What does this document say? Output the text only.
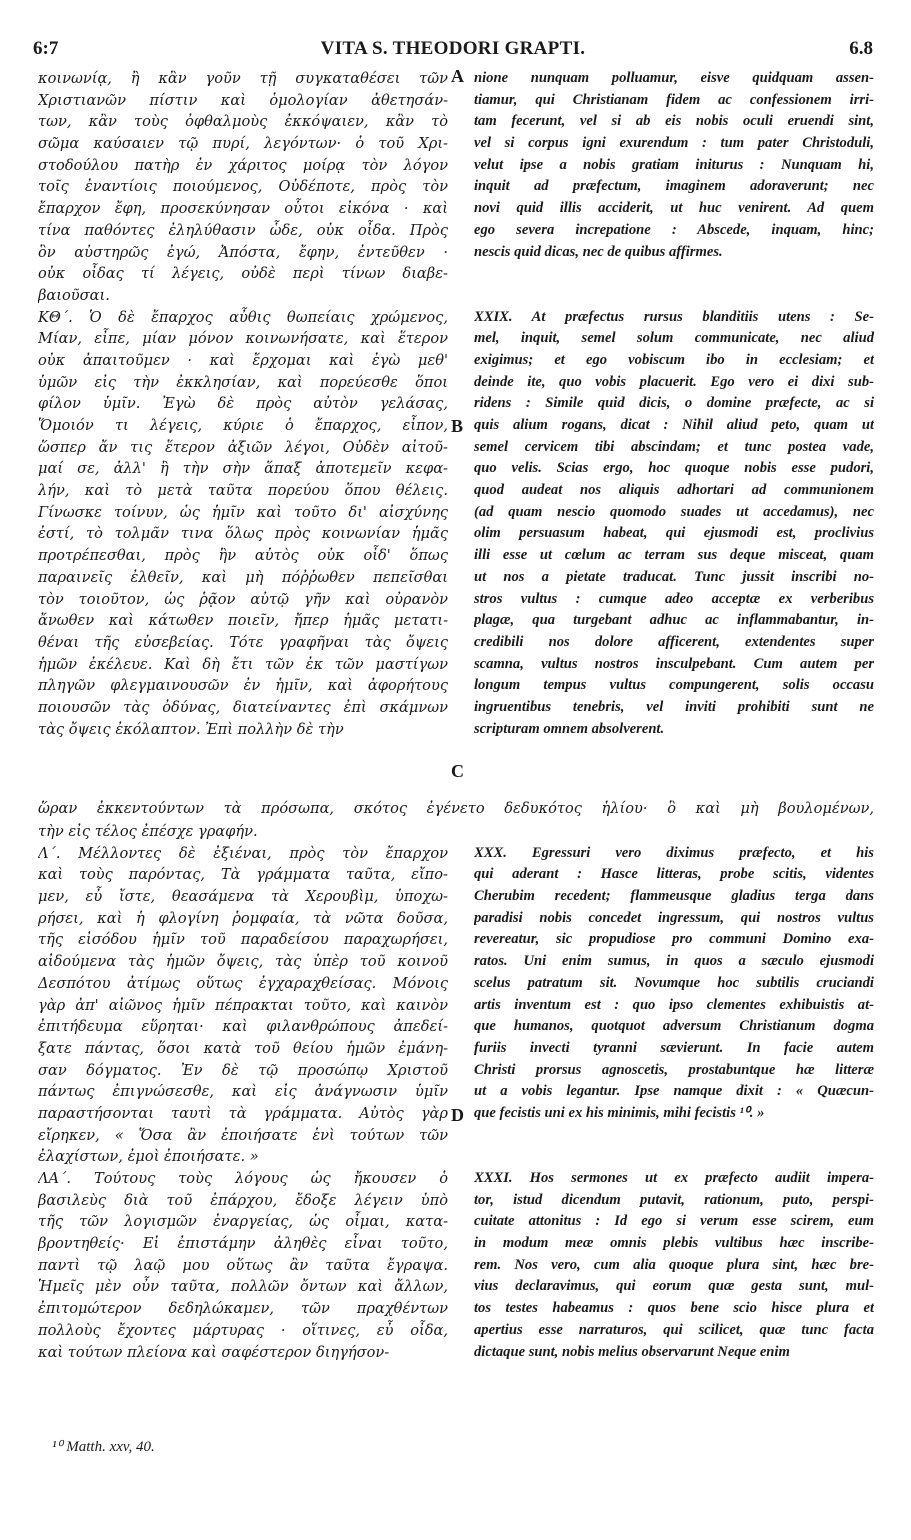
6:7	VITA S. THEODORI GRAPTI.	6.8
κοινωνίᾳ, ἢ κἂν γοῦν τῇ συγκαταθέσει τῶν
Χριστιανῶν πίστιν καὶ ὁμολογίαν ἀθετησάν-
των, κἂν τοὺς ὀφθαλμοὺς ἐκκόψαιεν, κἂν τὸ
σῶμα καύσαιεν τῷ πυρί, λεγόντων· ὁ τοῦ Χρι-
στοδούλου πατὴρ ἐν χάριτος μοίρᾳ τὸν λόγον
τοῖς ἐναντίοις ποιούμενος, Οὐδέποτε, πρὸς τὸν
ἔπαρχον ἔφη, προσεκύνησαν οὗτοι εἰκόνα · καὶ
τίνα παθόντες ἐληλύθασιν ὧδε, οὐκ οἶδα. Πρὸς
ὃν αὐστηρῶς ἐγώ, Ἀπόστα, ἔφην, ἐντεῦθεν ·
οὐκ οἶδας τί λέγεις, οὐδὲ περὶ τίνων διαβε-
βαιοῦσαι.
ΚΘ΄. Ὁ δὲ ἔπαρχος αὖθις θωπείαις χρώμενος,
Μίαν, εἶπε, μίαν μόνον κοινωνήσατε, καὶ ἕτερον
οὐκ ἀπαιτοῦμεν · καὶ ἔρχομαι καὶ ἐγὼ μεθ'
ὑμῶν εἰς τὴν ἐκκλησίαν, καὶ πορεύεσθε ὅποι
φίλον ὑμῖν. Ἐγὼ δὲ πρὸς αὐτὸν γελάσας,
Ὅμοιόν τι λέγεις, κύριε ὁ ἔπαρχος, εἶπον,
ὥσπερ ἄν τις ἕτερον ἀξιῶν λέγοι, Οὐδὲν αἰτοῦ-
μαί σε, ἀλλ' ἢ τὴν σὴν ἅπαξ ἀποτεμεῖν κεφα-
λήν, καὶ τὸ μετὰ ταῦτα πορεύου ὅπου θέλεις.
Γίνωσκε τοίνυν, ὡς ἡμῖν καὶ τοῦτο δι' αἰσχύνης
ἐστί, τὸ τολμᾶν τινα ὅλως πρὸς κοινωνίαν ἡμᾶς
προτρέπεσθαι, πρὸς ἣν αὐτὸς οὐκ οἶδ' ὅπως
παραινεῖς ἐλθεῖν, καὶ μὴ πόῤῥωθεν πεπεῖσθαι
τὸν τοιοῦτον, ὡς ῥᾷον αὐτῷ γῆν καὶ οὐρανὸν
ἄνωθεν καὶ κάτωθεν ποιεῖν, ἤπερ ἡμᾶς μετατι-
θέναι τῆς εὐσεβείας. Τότε γραφῆναι τὰς ὄψεις
ἡμῶν ἐκέλευε. Καὶ δὴ ἔτι τῶν ἐκ τῶν μαστίγων
πληγῶν φλεγμαινουσῶν ἐν ἡμῖν, καὶ ἀφορήτους
ποιουσῶν τὰς ὀδύνας, διατείναντες ἐπὶ σκάμνων
τὰς ὄψεις ἐκόλαπτον. Ἐπὶ πολλὴν δὲ τὴν
nione nunquam polluamur, eisve quidquam assen-
tiamur, qui Christianam fidem ac confessionem irri-
tam fecerunt, vel si ab eis nobis oculi eruendi sint,
vel si corpus igni exurendum : tum pater Christoduli,
velut ipse a nobis gratiam initurus : Nunquam hi,
inquit ad præfectum, imaginem adoraverunt; nec
novi quid illis acciderit, ut huc venirent. Ad quem
ego severa increpatione : Abscede, inquam, hinc;
nescis quid dicas, nec de quibus affirmes.
XXIX. At præfectus rursus blanditiis utens : Se-
mel, inquit, semel solum communicate, nec aliud
exigimus; et ego vobiscum ibo in ecclesiam; et
deinde ite, quo vobis placuerit. Ego vero ei dixi sub-
ridens : Simile quid dicis, o domine præfecte, ac si
quis alium rogans, dicat : Nihil aliud peto, quam ut
semel cervicem tibi abscindam; et tunc postea vade,
quo velis. Scias ergo, hoc quoque nobis esse pudori,
quod audeat nos aliquis adhortari ad communionem
(ad quam nescio quomodo suades ut accedamus), nec
olim persuasum habeat, qui ejusmodi est, proclivius
illi esse ut cœlum ac terram sus deque misceat, quam
ut nos a pietate traducat. Tunc jussit inscribi no-
stros vultus : cumque adeo acceptæ ex verberibus
plagæ, qua turgebant adhuc ac inflammabantur, in-
credibili nos dolore afficerent, extendentes super
scamna, vultus nostros insculpebant. Cum autem per
longum tempus vultus compungerent, solis occasu
ingruentibus tenebris, vel inviti prohibiti sunt ne
scripturam omnem absolverent.
ὥραν ἐκκεντούντων τὰ πρόσωπα, σκότος ἐγένετο δεδυκότος ἡλίου· ὃ καὶ μὴ βουλομένων,
τὴν εἰς τέλος ἐπέσχε γραφήν.
Λ΄. Μέλλοντες δὲ ἐξιέναι, πρὸς τὸν ἔπαρχον
καὶ τοὺς παρόντας, Τὰ γράμματα ταῦτα, εἴπο-
μεν, εὖ ἴστε, θεασάμενα τὰ Χερουβὶμ, ὑποχω-
ρήσει, καὶ ἡ φλογίνη ῥομφαία, τὰ νῶτα δοῦσα,
τῆς εἰσόδου ἡμῖν τοῦ παραδείσου παραχωρήσει,
αἰδούμενα τὰς ἡμῶν ὄψεις, τὰς ὑπὲρ τοῦ κοινοῦ
Δεσπότου ἀτίμως οὕτως ἐγχαραχθείσας. Μόνοις
γὰρ ἀπ' αἰῶνος ἡμῖν πέπρακται τοῦτο, καὶ καινὸν
ἐπιτήδευμα εὕρηται· καὶ φιλανθρώπους ἀπεδεί-
ξατε πάντας, ὅσοι κατὰ τοῦ θείου ἡμῶν ἐμάνη-
σαν δόγματος. Ἐν δὲ τῷ προσώπῳ Χριστοῦ
πάντως ἐπιγνώσεσθε, καὶ εἰς ἀνάγνωσιν ὑμῖν
παραστήσονται ταυτὶ τὰ γράμματα. Αὐτὸς γὰρ
εἴρηκεν, « Ὅσα ἂν ἐποιήσατε ἑνὶ τούτων τῶν
ἐλαχίστων, ἐμοὶ ἐποιήσατε. »
ΛΑ΄. Τούτους τοὺς λόγους ὡς ἤκουσεν ὁ
βασιλεὺς διὰ τοῦ ἐπάρχου, ἔδοξε λέγειν ὑπὸ
τῆς τῶν λογισμῶν ἐναργείας, ὡς οἶμαι, κατα-
βροντηθείς· Εἰ ἐπιστάμην ἀληθὲς εἶναι τοῦτο,
παντὶ τῷ λαῷ μου οὕτως ἂν ταῦτα ἔγραψα.
Ἡμεῖς μὲν οὖν ταῦτα, πολλῶν ὄντων καὶ ἄλλων,
ἐπιτομώτερον δεδηλώκαμεν, τῶν πραχθέντων
πολλοὺς ἔχοντες μάρτυρας · οἵτινες, εὖ οἶδα,
καὶ τούτων πλείονα καὶ σαφέστερον διηγήσον-
XXX. Egressuri vero diximus præfecto, et his
qui aderant : Hasce litteras, probe scitis, videntes
Cherubim recedent; flammeusque gladius terga dans
paradisi nobis concedet ingressum, qui nostros vultus
revereatur, sic propudiose pro communi Domino exa-
ratos. Uni enim sumus, in quos a sæculo ejusmodi
scelus patratum sit. Novumque hoc subtilis cruciandi
artis inventum est : quo ipso clementes exhibuistis at-
que humanos, quotquot adversum Christianum dogma
furiis invecti tyranni sævierunt. In facie autem
Christi prorsus agnoscetis, prostabuntque hæ litteræ
ut a vobis legantur. Ipse namque dixit : « Quæcun-
que fecistis uni ex his minimis, mihi fecistis ¹⁰. »
XXXI. Hos sermones ut ex præfecto audiit impera-
tor, istud dicendum putavit, rationum, puto, perspi-
cuitate attonitus : Id ego si verum esse scirem, eum
in modum meæ omnis plebis vultibus hæc inscribe-
rem. Nos vero, cum alia quoque plura sint, hæc bre-
vius declaravimus, qui eorum quæ gesta sunt, mul-
tos testes habeamus : quos bene scio hisce plura et
apertius esse narraturos, qui scilicet, quæ tunc facta
dictaque sunt, nobis melius observarunt Neque enim
A
B
C
D
¹⁰ Matth. xxv, 40.
